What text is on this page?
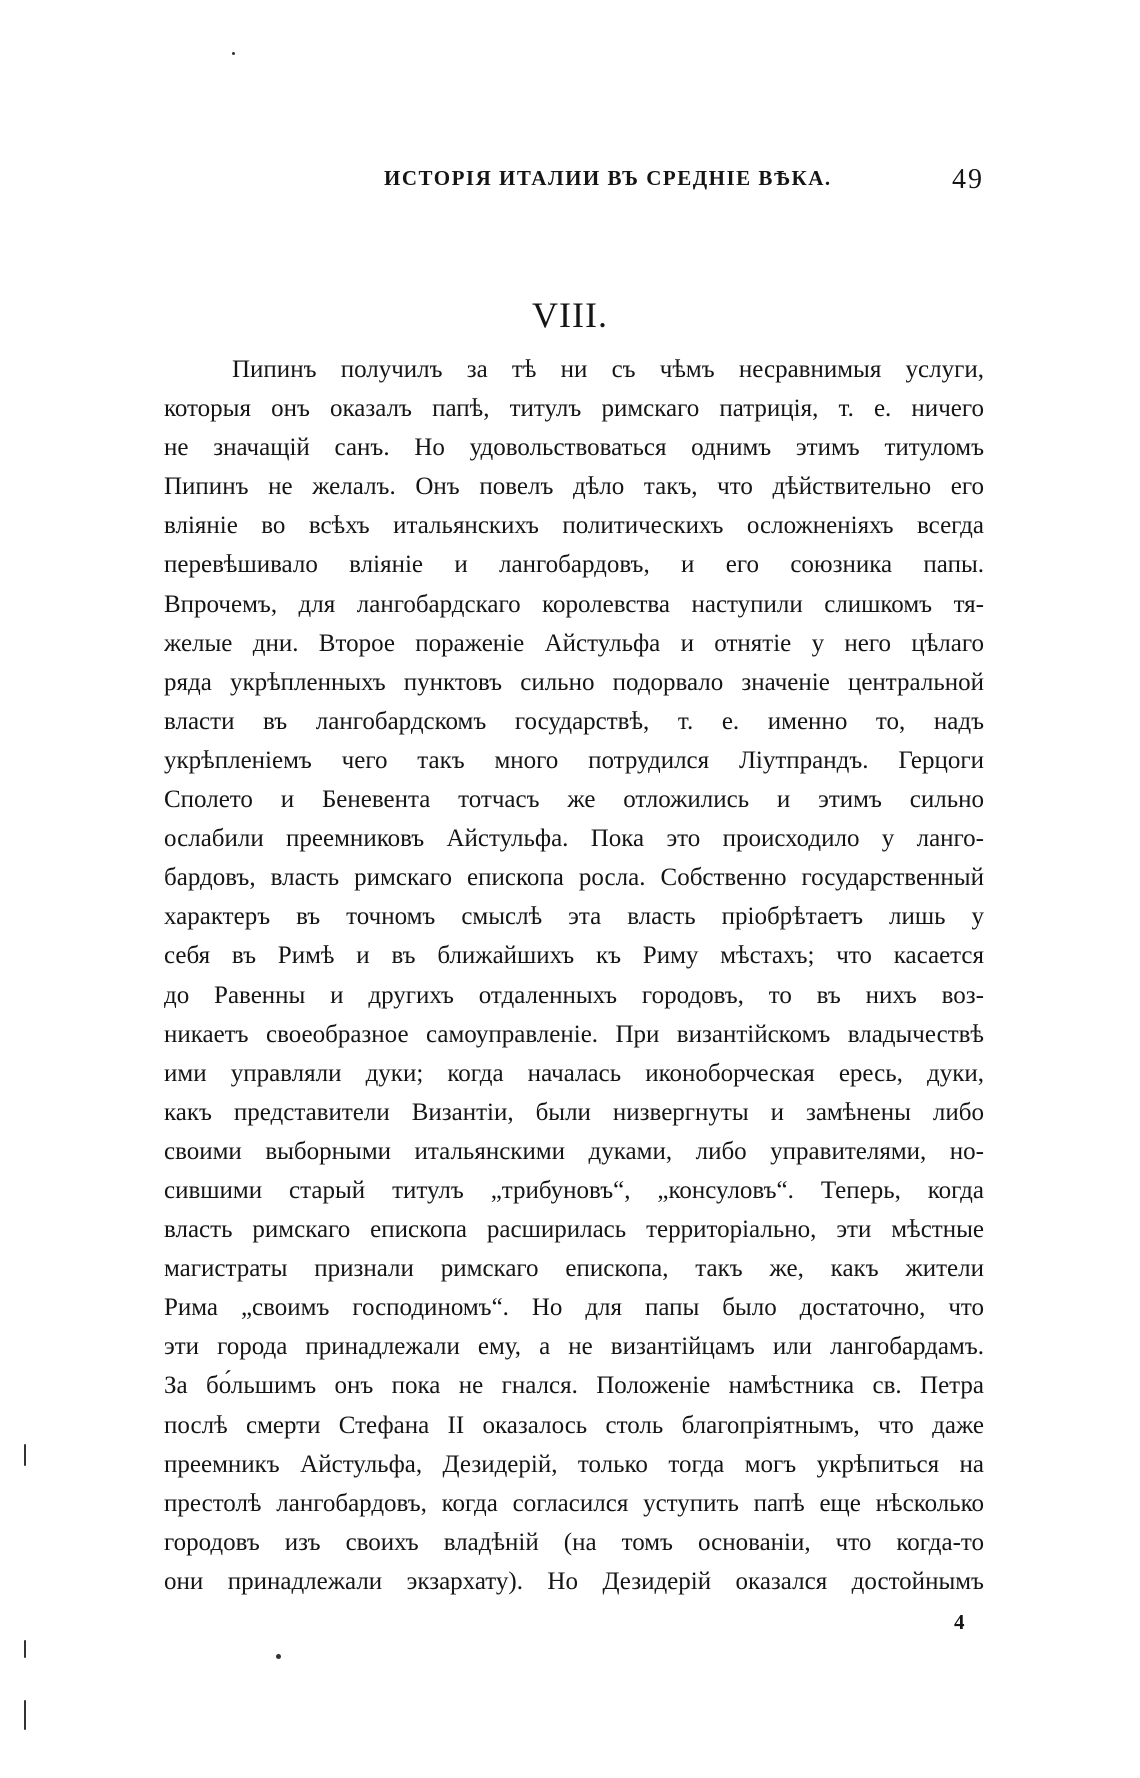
ИСТОРІЯ ИТАЛИИ ВЪ СРЕДНІЕ ВѢКА.	49
VIII.
Пипинъ получилъ за тѣ ни съ чѣмъ несравнимыя услуги,
которыя онъ оказалъ папѣ, титулъ римскаго патриція, т. е. ничего
не значащій санъ. Но удовольствоваться однимъ этимъ титуломъ
Пипинъ не желалъ. Онъ повелъ дѣло такъ, что дѣйствительно его
вліяніе во всѣхъ итальянскихъ политическихъ осложненіяхъ всегда
перевѣшивало вліяніе и лангобардовъ, и его союзника папы.
Впрочемъ, для лангобардскаго королевства наступили слишкомъ тя-
желые дни. Второе пораженіе Айстульфа и отнятіе у него цѣлаго
ряда укрѣпленныхъ пунктовъ сильно подорвало значеніе центральной
власти въ лангобардскомъ государствѣ, т. е. именно то, надъ
укрѣпленіемъ чего такъ много потрудился Ліутпрандъ. Герцоги
Сполето и Беневента тотчасъ же отложились и этимъ сильно
ослабили преемниковъ Айстульфа. Пока это происходило у ланго-
бардовъ, власть римскаго епископа росла. Собственно государственный
характеръ въ точномъ смыслѣ эта власть пріобрѣтаетъ лишь у
себя въ Римѣ и въ ближайшихъ къ Риму мѣстахъ; что касается
до Равенны и другихъ отдаленныхъ городовъ, то въ нихъ воз-
никаетъ своеобразное самоуправленіе. При византійскомъ владычествѣ
ими управляли дуки; когда началась иконоборческая ересь, дуки,
какъ представители Византіи, были низвергнуты и замѣнены либо
своими выборными итальянскими дуками, либо управителями, но-
сившими старый титулъ „трибуновъ“, „консуловъ“. Теперь, когда
власть римскаго епископа расширилась территоріально, эти мѣстные
магистраты признали римскаго епископа, такъ же, какъ жители
Рима „своимъ господиномъ“. Но для папы было достаточно, что
эти города принадлежали ему, а не византійцамъ или лангобардамъ.
За бо́льшимъ онъ пока не гнался. Положеніе намѣстника св. Петра
послѣ смерти Стефана II оказалось столь благопріятнымъ, что даже
преемникъ Айстульфа, Дезидерій, только тогда могъ укрѣпиться на
престолѣ лангобардовъ, когда согласился уступить папѣ еще нѣсколько
городовъ изъ своихъ владѣній (на томъ основаніи, что когда-то
они принадлежали экзархату). Но Дезидерій оказался достойнымъ
4
